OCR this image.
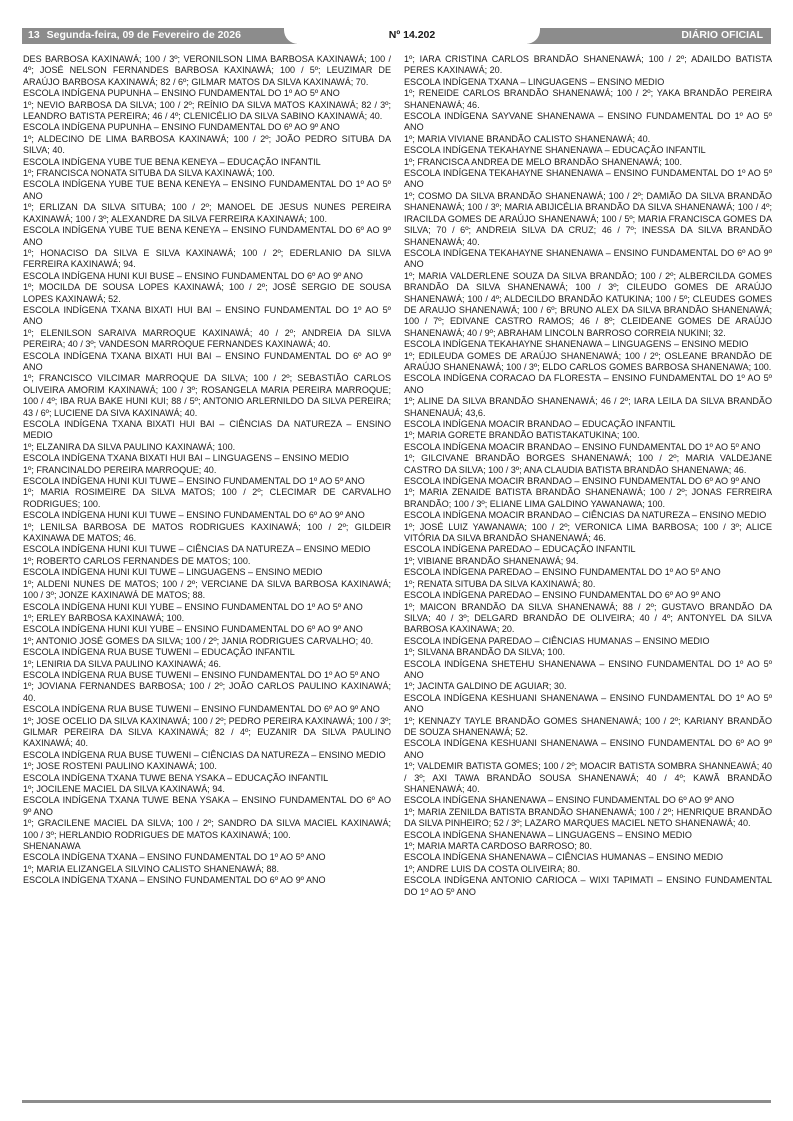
13 Segunda-feira, 09 de Fevereiro de 2026	Nº 14.202	DIÁRIO OFICIAL

DES BARBOSA KAXINAWÁ; 100 / 3º; VERONILSON LIMA BARBOSA KAXINAWÁ; 100 / 4º; JOSÉ NELSON FERNANDES BARBOSA KAXINAWÁ; 100 / 5º; LEUZIMAR DE ARAÚJO BARBOSA KAXINAWÁ; 82 / 6º; GILMAR MATOS DA SILVA KAXINAWÁ; 70.

ESCOLA INDÍGENA PUPUNHA – ENSINO FUNDAMENTAL DO 1º AO 5º ANO

1º; NEVIO BARBOSA DA SILVA; 100 / 2º; REÍNIO DA SILVA MATOS KAXINAWÁ; 82 / 3º; LEANDRO BATISTA PEREIRA; 46 / 4º; CLENICÉLIO DA SILVA SABINO KAXINAWÁ; 40.

ESCOLA INDÍGENA PUPUNHA – ENSINO FUNDAMENTAL DO 6º AO 9º ANO

1º; ALDECINO DE LIMA BARBOSA KAXINAWÁ; 100 / 2º; JOÃO PEDRO SITUBA DA SILVA; 40.

ESCOLA INDÍGENA YUBE TUE BENA KENEYA – EDUCAÇÃO INFANTIL

1º; FRANCISCA NONATA SITUBA DA SILVA KAXINAWÁ; 100.

ESCOLA INDÍGENA YUBE TUE BENA KENEYA – ENSINO FUNDAMENTAL DO 1º AO 5º ANO

1º; ERLIZAN DA SILVA SITUBA; 100 / 2º; MANOEL DE JESUS NUNES PEREIRA KAXINAWÁ; 100 / 3º; ALEXANDRE DA SILVA FERREIRA KAXINAWÁ; 100.

ESCOLA INDÍGENA YUBE TUE BENA KENEYA – ENSINO FUNDAMENTAL DO 6º AO 9º ANO

1º; HONACISO DA SILVA E SILVA KAXINAWÁ; 100 / 2º; EDERLANIO DA SILVA FERREIRA KAXINAWÁ; 94.

ESCOLA INDÍGENA HUNI KUI BUSE – ENSINO FUNDAMENTAL DO 6º AO 9º ANO

1º; MOCILDA DE SOUSA LOPES KAXINAWÁ; 100 / 2º; JOSÉ SERGIO DE SOUSA LOPES KAXINAWÁ; 52.

ESCOLA INDÍGENA TXANA BIXATI HUI BAI – ENSINO FUNDAMENTAL DO 1º AO 5º ANO

1º; ELENILSON SARAIVA MARROQUE KAXINAWÁ; 40 / 2º; ANDREIA DA SILVA PEREIRA; 40 / 3º; VANDESON MARROQUE FERNANDES KAXINAWÁ; 40.

ESCOLA INDÍGENA TXANA BIXATI HUI BAI – ENSINO FUNDAMENTAL DO 6º AO 9º ANO

1º; FRANCISCO VILCIMAR MARROQUE DA SILVA; 100 / 2º; SEBASTIÃO CARLOS OLIVEIRA AMORIM KAXINAWÁ; 100 / 3º; ROSANGELA MARIA PEREIRA MARROQUE; 100 / 4º; IBA RUA BAKE HUNI KUI; 88 / 5º; ANTONIO ARLERNILDO DA SILVA PEREIRA; 43 / 6º; LUCIENE DA SIVA KAXINAWÁ; 40.

ESCOLA INDÍGENA TXANA BIXATI HUI BAI – CIÊNCIAS DA NATUREZA – ENSINO MEDIO

1º; ELZANIRA DA SILVA PAULINO KAXINAWÁ; 100.

ESCOLA INDÍGENA TXANA BIXATI HUI BAI – LINGUAGENS – ENSINO MEDIO

1º; FRANCINALDO PEREIRA MARROQUE; 40.

ESCOLA INDÍGENA HUNI KUI TUWE – ENSINO FUNDAMENTAL DO 1º AO 5º ANO

1º; MARIA ROSIMEIRE DA SILVA MATOS; 100 / 2º; CLECIMAR DE CARVALHO RODRIGUES; 100.

ESCOLA INDÍGENA HUNI KUI TUWE – ENSINO FUNDAMENTAL DO 6º AO 9º ANO

1º; LENILSA BARBOSA DE MATOS RODRIGUES KAXINAWÁ; 100 / 2º; GILDEIR KAXINAWA DE MATOS; 46.

ESCOLA INDÍGENA HUNI KUI TUWE – CIÊNCIAS DA NATUREZA – ENSINO MEDIO

1º; ROBERTO CARLOS FERNANDES DE MATOS; 100.

ESCOLA INDÍGENA HUNI KUI TUWE – LINGUAGENS – ENSINO MEDIO

1º; ALDENI NUNES DE MATOS; 100 / 2º; VERCIANE DA SILVA BARBOSA KAXINAWÁ; 100 / 3º; JONZE KAXINAWÁ DE MATOS; 88.

ESCOLA INDÍGENA HUNI KUI YUBE – ENSINO FUNDAMENTAL DO 1º AO 5º ANO

1º; ERLEY BARBOSA KAXINAWÁ; 100.

ESCOLA INDÍGENA HUNI KUI YUBE – ENSINO FUNDAMENTAL DO 6º AO 9º ANO

1º; ANTONIO JOSÉ GOMES DA SILVA; 100 / 2º; JANIA RODRIGUES CARVALHO; 40.

ESCOLA INDÍGENA RUA BUSE TUWENI – EDUCAÇÃO INFANTIL

1º; LENIRIA DA SILVA PAULINO KAXINAWÁ; 46.

ESCOLA INDÍGENA RUA BUSE TUWENI – ENSINO FUNDAMENTAL DO 1º AO 5º ANO

1º; JOVIANA FERNANDES BARBOSA; 100 / 2º; JOÃO CARLOS PAULINO KAXINAWÁ; 40.

ESCOLA INDÍGENA RUA BUSE TUWENI – ENSINO FUNDAMENTAL DO 6º AO 9º ANO

1º; JOSE OCELIO DA SILVA KAXINAWÁ; 100 / 2º; PEDRO PEREIRA KAXINAWÁ; 100 / 3º; GILMAR PEREIRA DA SILVA KAXINAWÁ; 82 / 4º; EUZANIR DA SILVA PAULINO KAXINAWÁ; 40.

ESCOLA INDÍGENA RUA BUSE TUWENI – CIÊNCIAS DA NATUREZA – ENSINO MEDIO

1º; JOSE ROSTENI PAULINO KAXINAWÁ; 100.

ESCOLA INDÍGENA TXANA TUWE BENA YSAKA – EDUCAÇÃO INFANTIL

1º; JOCILENE MACIEL DA SILVA KAXINAWÁ; 94.

ESCOLA INDÍGENA TXANA TUWE BENA YSAKA – ENSINO FUNDAMENTAL DO 6º AO 9º ANO

1º; GRACILENE MACIEL DA SILVA; 100 / 2º; SANDRO DA SILVA MACIEL KAXINAWÁ; 100 / 3º; HERLANDIO RODRIGUES DE MATOS KAXINAWÁ; 100.

SHENANAWA

ESCOLA INDÍGENA TXANA – ENSINO FUNDAMENTAL DO 1º AO 5º ANO

1º; MARIA ELIZANGELA SILVINO CALISTO SHANENAWÁ; 88.

ESCOLA INDÍGENA TXANA – ENSINO FUNDAMENTAL DO 6º AO 9º ANO

1º; IARA CRISTINA CARLOS BRANDÃO SHANENAWÁ; 100 / 2º; ADAILDO BATISTA PERES KAXINAWÁ; 20.

ESCOLA INDÍGENA TXANA – LINGUAGENS – ENSINO MEDIO

1º; RENEIDE CARLOS BRANDÃO SHANENAWÁ; 100 / 2º; YAKA BRANDÃO PEREIRA SHANENAWÁ; 46.

ESCOLA INDÍGENA SAYVANE SHANENAWA – ENSINO FUNDAMENTAL DO 1º AO 5º ANO

1º; MARIA VIVIANE BRANDÃO CALISTO SHANENAWÁ; 40.

ESCOLA INDÍGENA TEKAHAYNE SHANENAWA – EDUCAÇÃO INFANTIL

1º; FRANCISCA ANDREA DE MELO BRANDÃO SHANENAWÁ; 100.

ESCOLA INDÍGENA TEKAHAYNE SHANENAWA – ENSINO FUNDAMENTAL DO 1º AO 5º ANO

1º; COSMO DA SILVA BRANDÃO SHANENAWÁ; 100 / 2º; DAMIÃO DA SILVA BRANDÃO SHANENAWÁ; 100 / 3º; MARIA ABIJICÉLIA BRANDÃO DA SILVA SHANENAWÁ; 100 / 4º; IRACILDA GOMES DE ARAÚJO SHANENAWÁ; 100 / 5º; MARIA FRANCISCA GOMES DA SILVA; 70 / 6º; ANDREIA SILVA DA CRUZ; 46 / 7º; INESSA DA SILVA BRANDÃO SHANENAWÁ; 40.

ESCOLA INDÍGENA TEKAHAYNE SHANENAWA – ENSINO FUNDAMENTAL DO 6º AO 9º ANO

1º; MARIA VALDERLENE SOUZA DA SILVA BRANDÃO; 100 / 2º; ALBERCILDA GOMES BRANDÃO DA SILVA SHANENAWÁ; 100 / 3º; CILEUDO GOMES DE ARAÚJO SHANENAWÁ; 100 / 4º; ALDECILDO BRANDÃO KATUKINA; 100 / 5º; CLEUDES GOMES DE ARAUJO SHANENAWÁ; 100 / 6º; BRUNO ALEX DA SILVA BRANDÃO SHANENAWÁ; 100 / 7º; EDIVANE CASTRO RAMOS; 46 / 8º; CLEIDEANE GOMES DE ARAÚJO SHANENAWÁ; 40 / 9º; ABRAHAM LINCOLN BARROSO CORREIA NUKINI; 32.

ESCOLA INDÍGENA TEKAHAYNE SHANENAWA – LINGUAGENS – ENSINO MEDIO

1º; EDILEUDA GOMES DE ARAÚJO SHANENAWÁ; 100 / 2º; OSLEANE BRANDÃO DE ARAÚJO SHANENAWÁ; 100 / 3º; ELDO CARLOS GOMES BARBOSA SHANENAWA; 100.

ESCOLA INDÍGENA CORACAO DA FLORESTA – ENSINO FUNDAMENTAL DO 1º AO 5º ANO

1º; ALINE DA SILVA BRANDÃO SHANENAWÁ; 46 / 2º; IARA LEILA DA SILVA BRANDÃO SHANENAUÁ; 43,6.

ESCOLA INDÍGENA MOACIR BRANDAO – EDUCAÇÃO INFANTIL

1º; MARIA GORETE BRANDÃO BATISTAKATUKINA; 100.

ESCOLA INDÍGENA MOACIR BRANDAO – ENSINO FUNDAMENTAL DO 1º AO 5º ANO

1º; GILCIVANE BRANDÃO BORGES SHANENAWÁ; 100 / 2º; MARIA VALDEJANE CASTRO DA SILVA; 100 / 3º; ANA CLAUDIA BATISTA BRANDÃO SHANENAWA; 46.

ESCOLA INDÍGENA MOACIR BRANDAO – ENSINO FUNDAMENTAL DO 6º AO 9º ANO

1º; MARIA ZENAIDE BATISTA BRANDÃO SHANENAWÁ; 100 / 2º; JONAS FERREIRA BRANDÃO; 100 / 3º; ELIANE LIMA GALDINO YAWANAWA; 100.

ESCOLA INDÍGENA MOACIR BRANDAO – CIÊNCIAS DA NATUREZA – ENSINO MEDIO

1º; JOSÉ LUIZ YAWANAWA; 100 / 2º; VERONICA LIMA BARBOSA; 100 / 3º; ALICE VITÓRIA DA SILVA BRANDÃO SHANENAWÁ; 46.

ESCOLA INDÍGENA PAREDAO – EDUCAÇÃO INFANTIL

1º; VIBIANE BRANDÃO SHANENAWÁ; 94.

ESCOLA INDÍGENA PAREDAO – ENSINO FUNDAMENTAL DO 1º AO 5º ANO

1º; RENATA SITUBA DA SILVA KAXINAWÁ; 80.

ESCOLA INDÍGENA PAREDAO – ENSINO FUNDAMENTAL DO 6º AO 9º ANO

1º; MAICON BRANDÃO DA SILVA SHANENAWÁ; 88 / 2º; GUSTAVO BRANDÃO DA SILVA; 40 / 3º; DELGARD BRANDÃO DE OLIVEIRA; 40 / 4º; ANTONYEL DA SILVA BARBOSA KAXINAWA; 20.

ESCOLA INDÍGENA PAREDAO – CIÊNCIAS HUMANAS – ENSINO MEDIO

1º; SILVANA BRANDÃO DA SILVA; 100.

ESCOLA INDÍGENA SHETEHU SHANENAWA – ENSINO FUNDAMENTAL DO 1º AO 5º ANO

1º; JACINTA GALDINO DE AGUIAR; 30.

ESCOLA INDÍGENA KESHUANI SHANENAWA – ENSINO FUNDAMENTAL DO 1º AO 5º ANO

1º; KENNAZY TAYLE BRANDÃO GOMES SHANENAWÁ; 100 / 2º; KARIANY BRANDÃO DE SOUZA SHANENAWÁ; 52.

ESCOLA INDÍGENA KESHUANI SHANENAWA – ENSINO FUNDAMENTAL DO 6º AO 9º ANO

1º; VALDEMIR BATISTA GOMES; 100 / 2º; MOACIR BATISTA SOMBRA SHANNEAWÁ; 40 / 3º; AXI TAWA BRANDÃO SOUSA SHANENAWÁ; 40 / 4º; KAWÃ BRANDÃO SHANENAWÁ; 40.

ESCOLA INDÍGENA SHANENAWA – ENSINO FUNDAMENTAL DO 6º AO 9º ANO

1º; MARIA ZENILDA BATISTA BRANDÃO SHANENAWÁ; 100 / 2º; HENRIQUE BRANDÃO DA SILVA PINHEIRO; 52 / 3º; LAZARO MARQUES MACIEL NETO SHANENAWÁ; 40.

ESCOLA INDÍGENA SHANENAWA – LINGUAGENS – ENSINO MEDIO

1º; MARIA MARTA CARDOSO BARROSO; 80.

ESCOLA INDÍGENA SHANENAWA – CIÊNCIAS HUMANAS – ENSINO MEDIO

1º; ANDRE LUIS DA COSTA OLIVEIRA; 80.

ESCOLA INDÍGENA ANTONIO CARIOCA – WIXI TAPIMATI – ENSINO FUNDAMENTAL DO 1º AO 5º ANO
